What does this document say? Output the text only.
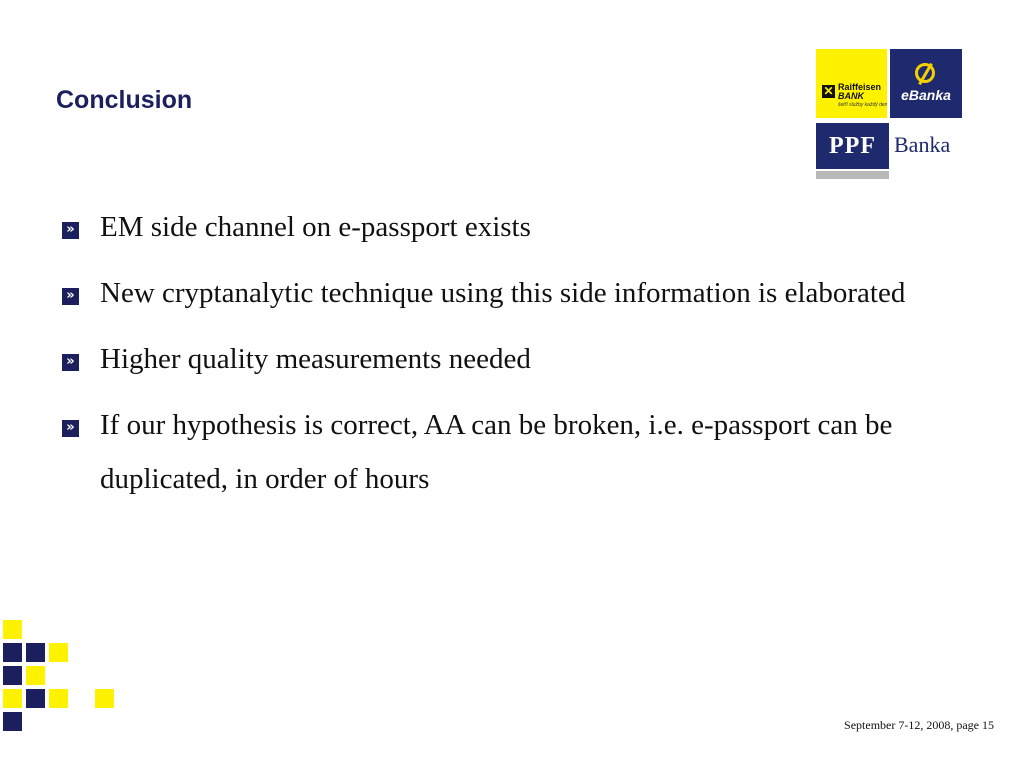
Conclusion	✕ Raiffeisen
BANK
šetří služby každý den
eBanka
PPF Banka
» EM side channel on e-passport exists
» New cryptanalytic technique using this side information is elaborated
» Higher quality measurements needed
» If our hypothesis is correct, AA can be broken, i.e. e-passport can be duplicated, in order of hours
September 7-12, 2008, page 15
